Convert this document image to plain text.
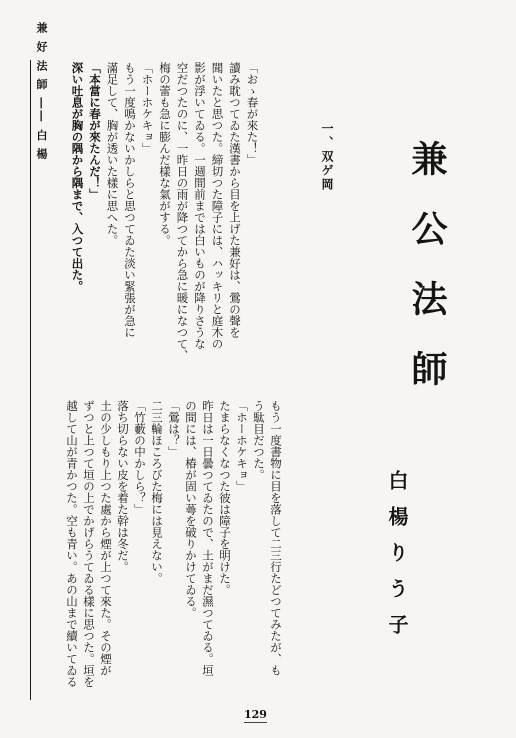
兼 好 法 師 ―― 白 楊
兼公法師
白楊りう子
一、双ゲ岡
「おゝ春が來た！」
讀み耽つてゐた漢書から目を上げた兼好は、鶯の聲を
聞いたと思つた。締切つた障子には、ハッキリと庭木の
影が浮いてゐる。一週間前までは白いものが降りさうな
空だつたのに、一昨日の雨が降つてから急に暖になつて、
梅の蕾も急に膨んだ樣な氣がする。
「ホーホケキョ」
もう一度鳴かないかしらと思つてゐた淡い緊張が急に
滿足して、胸が透いた樣に思へた。
「本當に春が來たんだ！」
深い吐息が胸の隅から隅まで、入つて出た。
もう一度書物に目を落して二三行たどつてみたが、も
う駄目だつた。
「ホーホケキョ」
たまらなくなつた彼は障子を明けた。
昨日は一日曇つてゐたので、土がまだ濕つてゐる。垣
の間には、椿が固い蕚を破りかけてゐる。
「鶯は？」
二三輪ほころびた梅には見えない。
「竹藪の中かしら？」
落ち切らない皮を着た幹は冬だ。
土の少しもり上つた處から煙が上つて來た。その煙が
ずつと上つて垣の上でかげらうてゐる樣に思つた。垣を
越して山が青かつた。空も青い。あの山まで續いてゐる
129
